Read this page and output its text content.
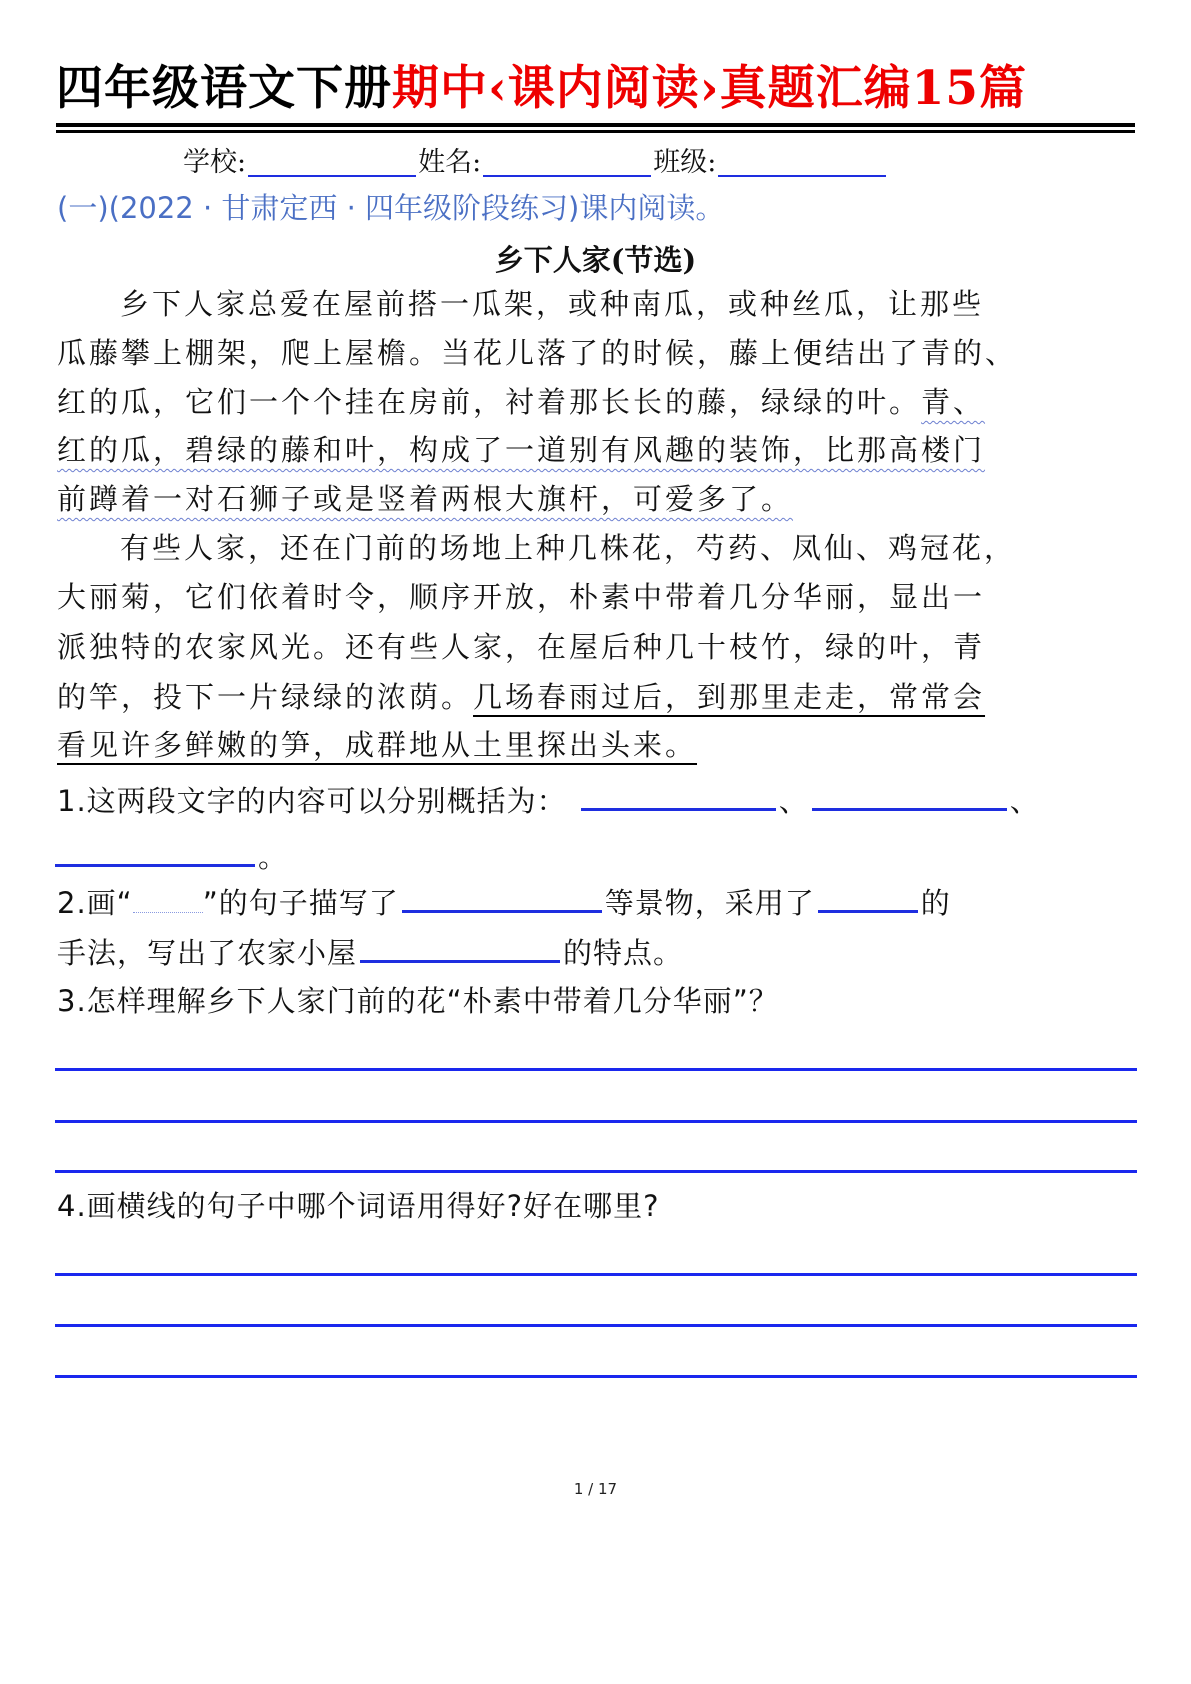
四年级语文下册期中‹课内阅读›真题汇编15篇
学校:	姓名:	班级:
(一)(2022 · 甘肃定西 · 四年级阶段练习)课内阅读。
乡下人家(节选)
乡下人家总爱在屋前搭一瓜架，或种南瓜，或种丝瓜，让那些
瓜藤攀上棚架，爬上屋檐。当花儿落了的时候，藤上便结出了青的、
红的瓜，它们一个个挂在房前，衬着那长长的藤，绿绿的叶。青、
红的瓜，碧绿的藤和叶，构成了一道别有风趣的装饰，比那高楼门
前蹲着一对石狮子或是竖着两根大旗杆，可爱多了。
有些人家，还在门前的场地上种几株花，芍药、凤仙、鸡冠花，
大丽菊，它们依着时令，顺序开放，朴素中带着几分华丽，显出一
派独特的农家风光。还有些人家，在屋后种几十枝竹，绿的叶，青
的竿，投下一片绿绿的浓荫。几场春雨过后，到那里走走，常常会
看见许多鲜嫩的笋，成群地从土里探出头来。
1.这两段文字的内容可以分别概括为：	、	、
。
2.画“ ”的句子描写了	等景物，采用了	的
手法，写出了农家小屋	的特点。
3.怎样理解乡下人家门前的花“朴素中带着几分华丽”？
4.画横线的句子中哪个词语用得好?好在哪里?
1 / 17
